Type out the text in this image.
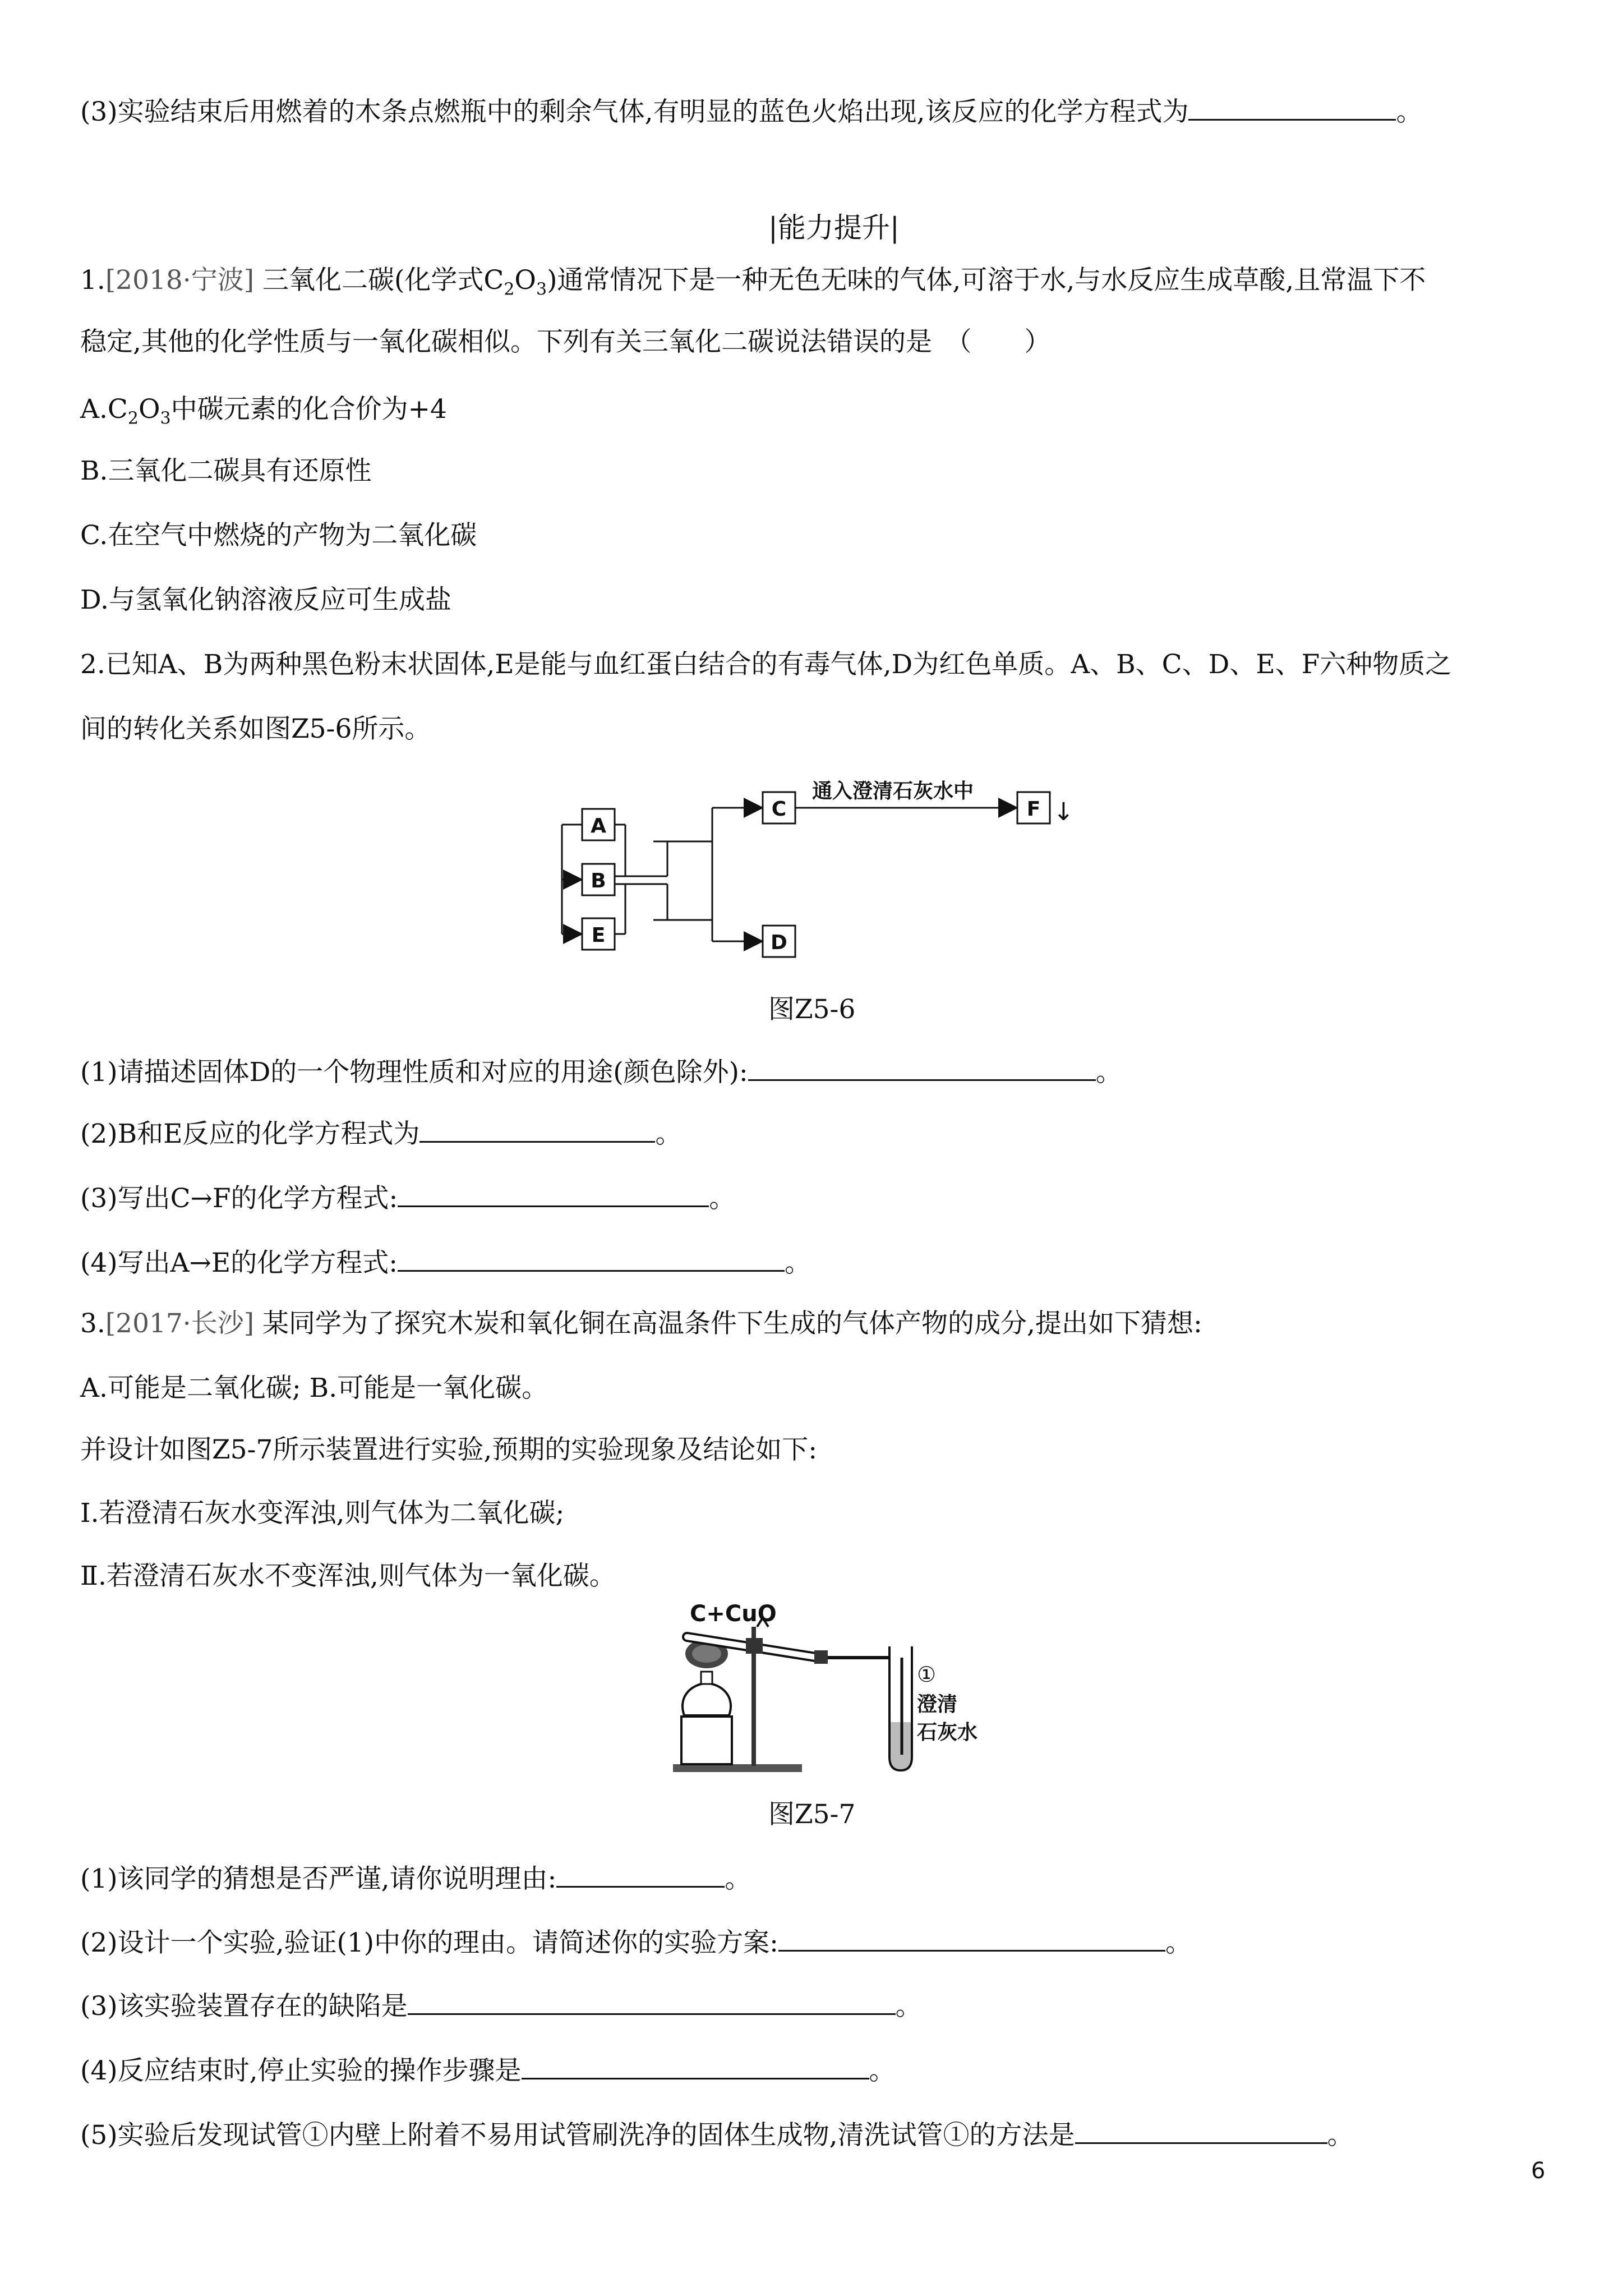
(3)实验结束后用燃着的木条点燃瓶中的剩余气体,有明显的蓝色火焰出现,该反应的化学方程式为	。
|能力提升|
1.[2018·宁波] 三氧化二碳(化学式$C_2O_3$)通常情况下是一种无色无味的气体,可溶于水,与水反应生成草酸,且常温下不
稳定,其他的化学性质与一氧化碳相似。下列有关三氧化二碳说法错误的是　（　　）
$A.C_2O_3$中碳元素的化合价为+4
B.三氧化二碳具有还原性
C.在空气中燃烧的产物为二氧化碳
D.与氢氧化钠溶液反应可生成盐
2.已知A、B为两种黑色粉末状固体,E是能与血红蛋白结合的有毒气体,D为红色单质。A、B、C、D、E、F六种物质之
间的转化关系如图Z5-6所示。
通入澄清石灰水中
↓
A
B
E
C
D
F
图Z5-6
(1)请描述固体D的一个物理性质和对应的用途(颜色除外):	。
(2)B和E反应的化学方程式为	。
(3)写出C→F的化学方程式:	。
(4)写出A→E的化学方程式:	。
3.[2017·长沙] 某同学为了探究木炭和氧化铜在高温条件下生成的气体产物的成分,提出如下猜想:
A.可能是二氧化碳; B.可能是一氧化碳。
并设计如图Z5-7所示装置进行实验,预期的实验现象及结论如下:
Ⅰ.若澄清石灰水变浑浊,则气体为二氧化碳;
Ⅱ.若澄清石灰水不变浑浊,则气体为一氧化碳。
C+CuO
①
澄清
石灰水
图Z5-7
(1)该同学的猜想是否严谨,请你说明理由:	。
(2)设计一个实验,验证(1)中你的理由。请简述你的实验方案:	。
(3)该实验装置存在的缺陷是	。
(4)反应结束时,停止实验的操作步骤是	。
(5)实验后发现试管①内壁上附着不易用试管刷洗净的固体生成物,清洗试管①的方法是	。
6
